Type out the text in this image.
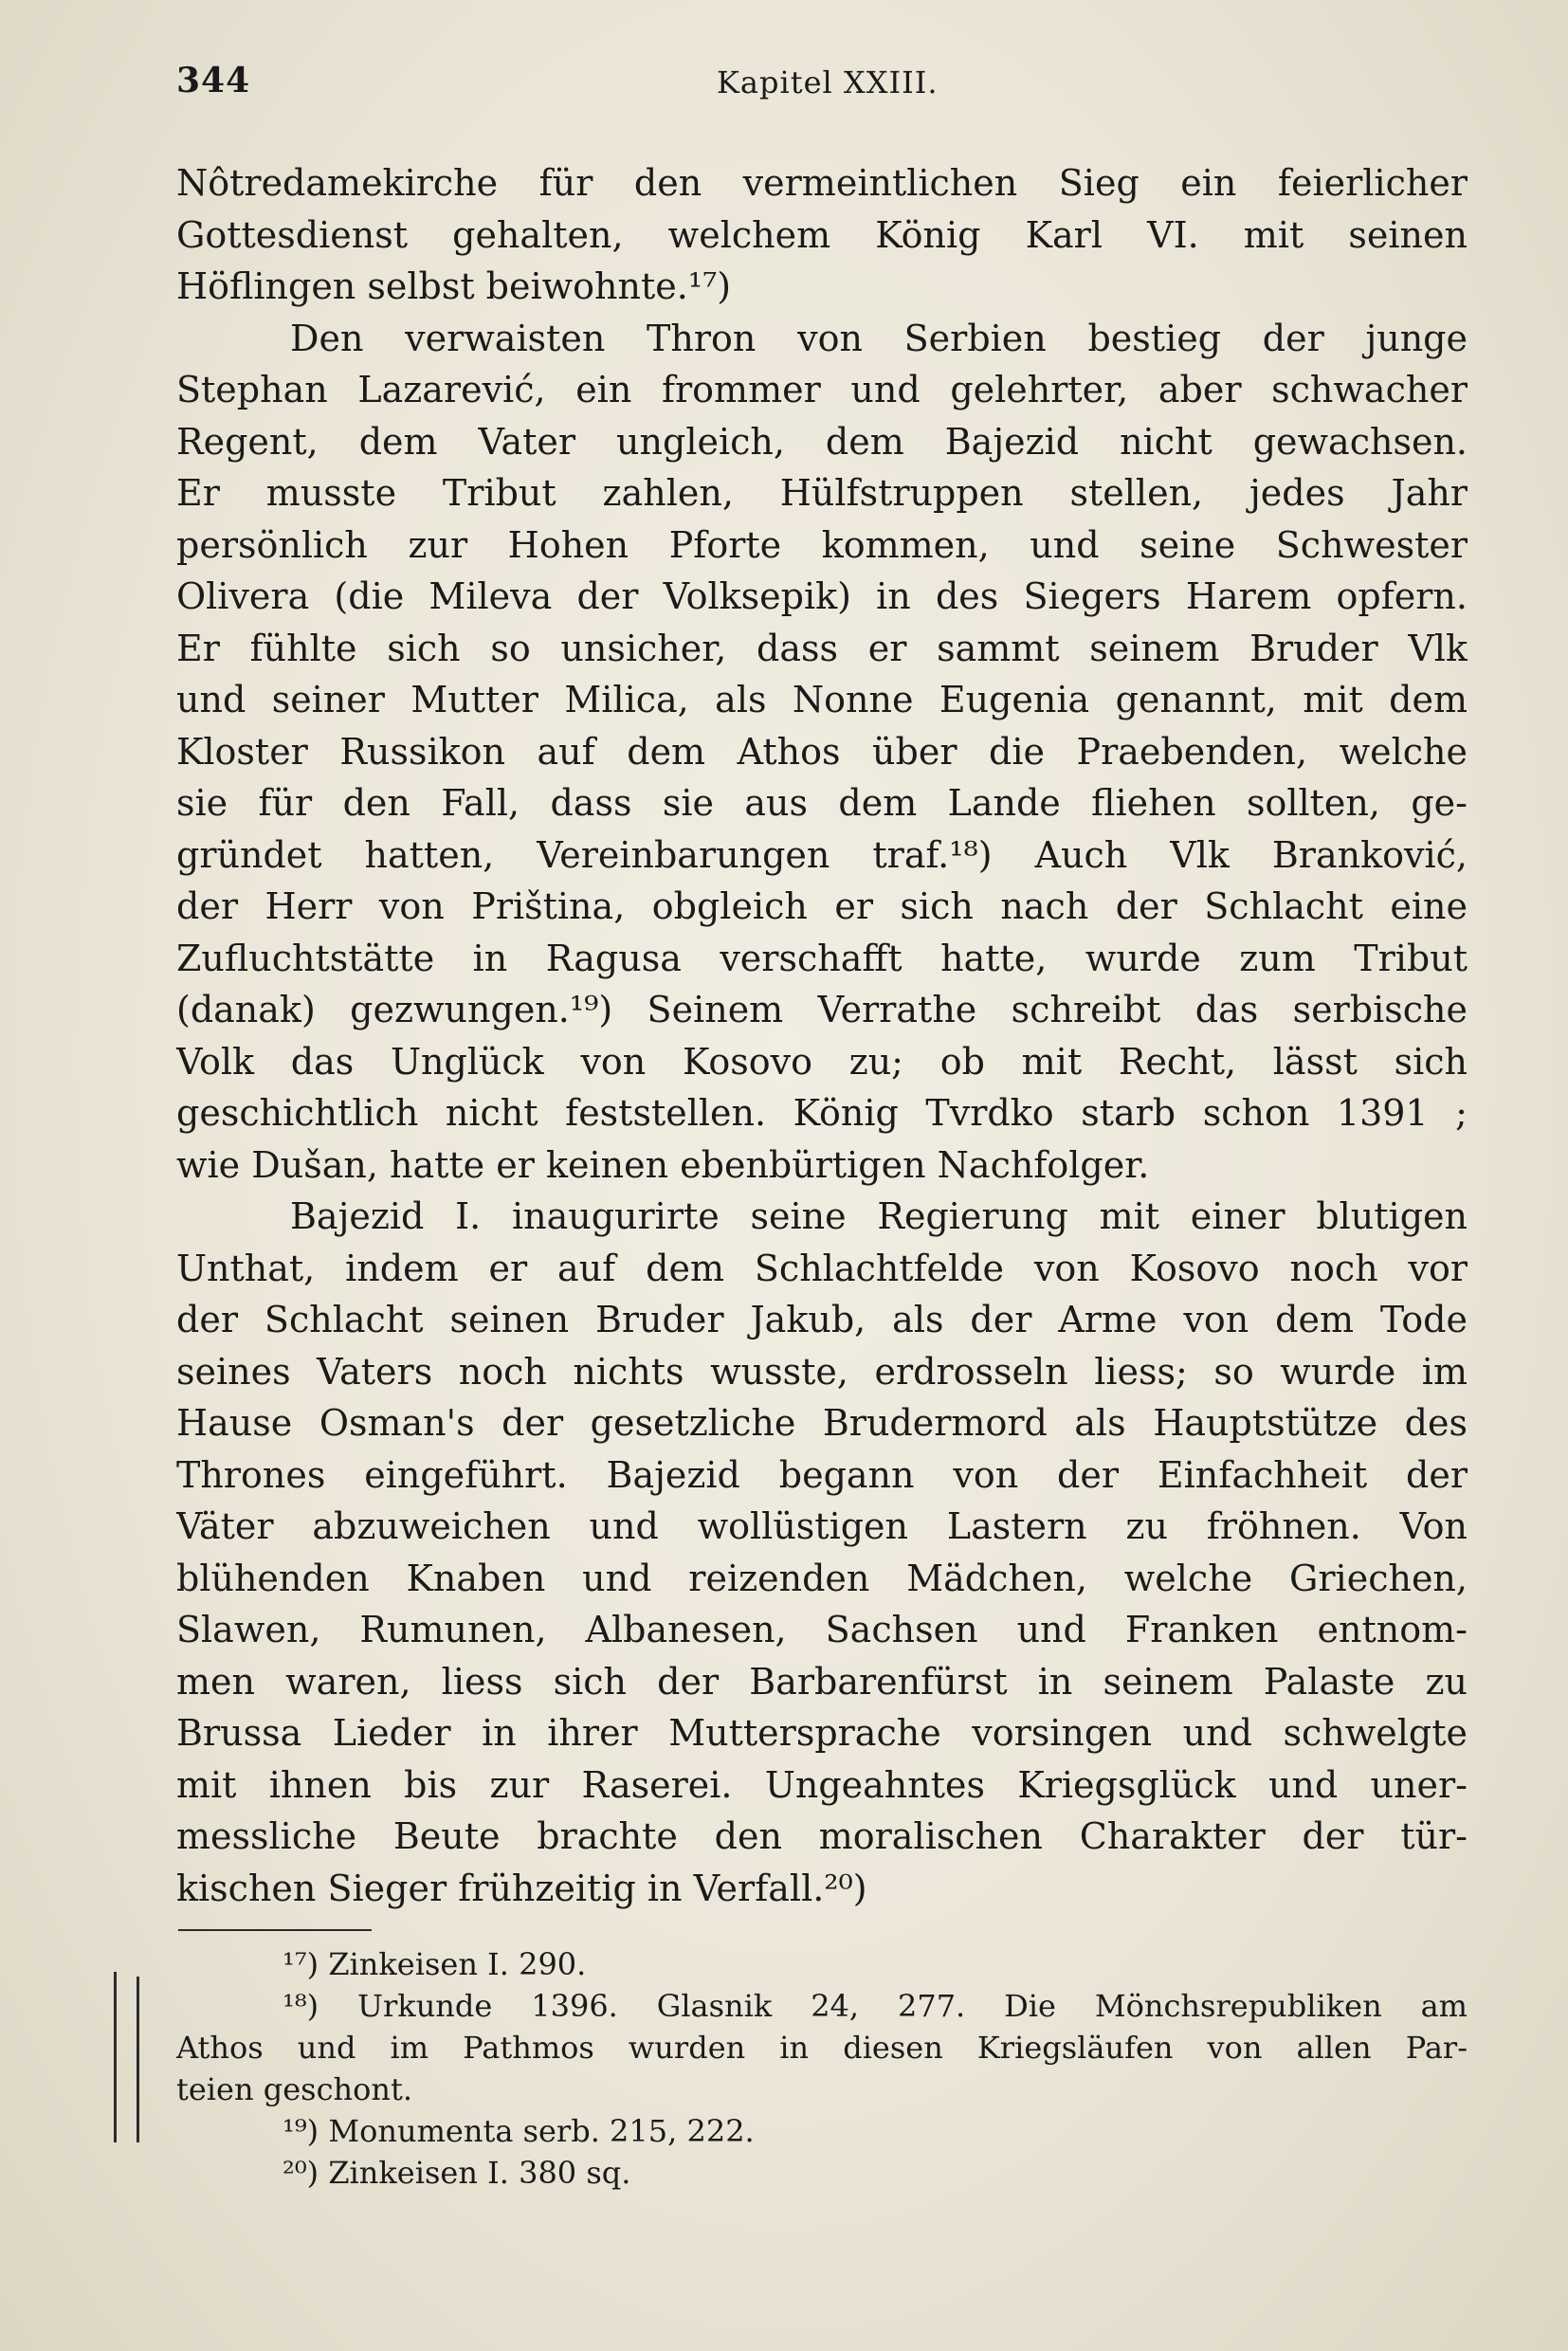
344	Kapitel XXIII.
Nôtredamekirche für den vermeintlichen Sieg ein feierlicher
Gottesdienst gehalten, welchem König Karl VI. mit seinen
Höflingen selbst beiwohnte.¹⁷)
Den verwaisten Thron von Serbien bestieg der junge
Stephan Lazarević, ein frommer und gelehrter, aber schwacher
Regent, dem Vater ungleich, dem Bajezid nicht gewachsen.
Er musste Tribut zahlen, Hülfstruppen stellen, jedes Jahr
persönlich zur Hohen Pforte kommen, und seine Schwester
Olivera (die Mileva der Volksepik) in des Siegers Harem opfern.
Er fühlte sich so unsicher, dass er sammt seinem Bruder Vlk
und seiner Mutter Milica, als Nonne Eugenia genannt, mit dem
Kloster Russikon auf dem Athos über die Praebenden, welche
sie für den Fall, dass sie aus dem Lande fliehen sollten, ge-
gründet hatten, Vereinbarungen traf.¹⁸) Auch Vlk Branković,
der Herr von Priština, obgleich er sich nach der Schlacht eine
Zufluchtstätte in Ragusa verschafft hatte, wurde zum Tribut
(danak) gezwungen.¹⁹) Seinem Verrathe schreibt das serbische
Volk das Unglück von Kosovo zu; ob mit Recht, lässt sich
geschichtlich nicht feststellen. König Tvrdko starb schon 1391 ;
wie Dušan, hatte er keinen ebenbürtigen Nachfolger.
Bajezid I. inaugurirte seine Regierung mit einer blutigen
Unthat, indem er auf dem Schlachtfelde von Kosovo noch vor
der Schlacht seinen Bruder Jakub, als der Arme von dem Tode
seines Vaters noch nichts wusste, erdrosseln liess; so wurde im
Hause Osman's der gesetzliche Brudermord als Hauptstütze des
Thrones eingeführt. Bajezid begann von der Einfachheit der
Väter abzuweichen und wollüstigen Lastern zu fröhnen. Von
blühenden Knaben und reizenden Mädchen, welche Griechen,
Slawen, Rumunen, Albanesen, Sachsen und Franken entnom-
men waren, liess sich der Barbarenfürst in seinem Palaste zu
Brussa Lieder in ihrer Muttersprache vorsingen und schwelgte
mit ihnen bis zur Raserei. Ungeahntes Kriegsglück und uner-
messliche Beute brachte den moralischen Charakter der tür-
kischen Sieger frühzeitig in Verfall.²⁰)
¹⁷) Zinkeisen I. 290.
¹⁸) Urkunde 1396. Glasnik 24, 277. Die Mönchsrepubliken am
Athos und im Pathmos wurden in diesen Kriegsläufen von allen Par-
teien geschont.
¹⁹) Monumenta serb. 215, 222.
²⁰) Zinkeisen I. 380 sq.
